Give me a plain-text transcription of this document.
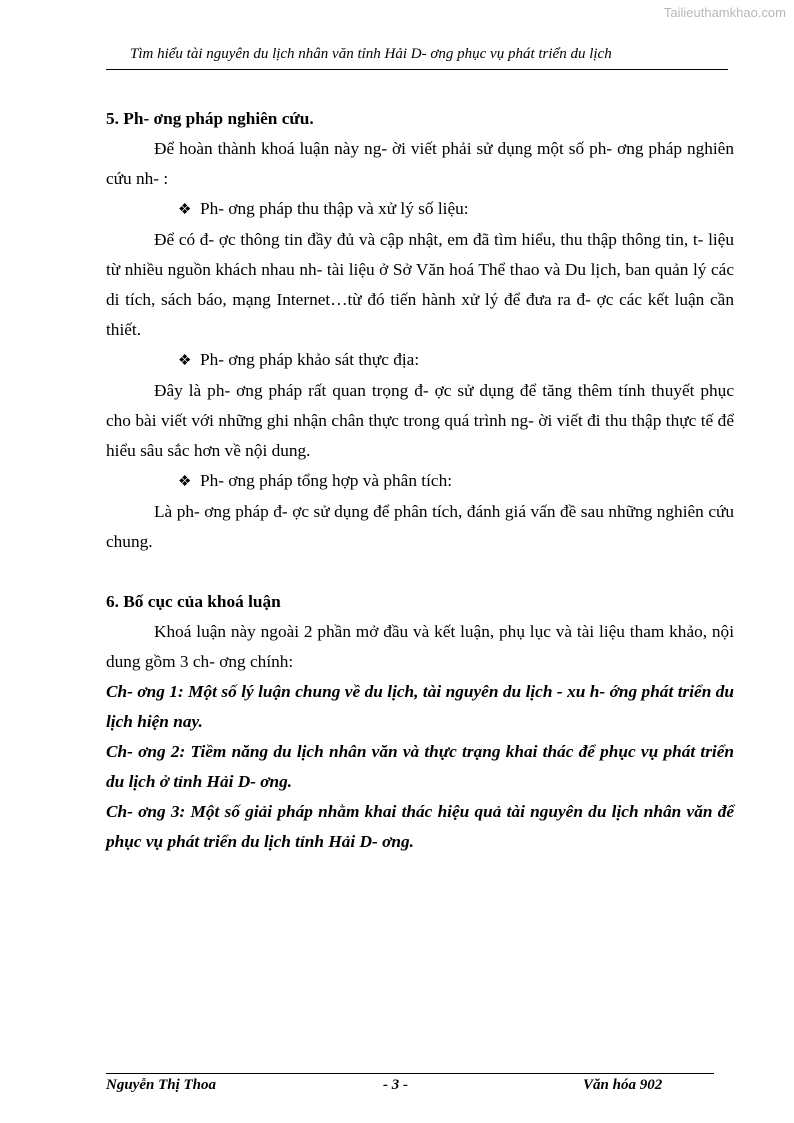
Tailieuthamkhao.com
Tìm hiểu tài nguyên du lịch nhân văn tỉnh Hải D- ơng phục vụ phát triển du lịch

5. Ph- ơng pháp nghiên cứu.

Để hoàn thành khoá luận này ng- ời viết phải sử dụng một số ph- ơng pháp nghiên cứu nh- :

❖ Ph- ơng pháp thu thập và xử lý số liệu:

Để có đ- ợc thông tin đầy đủ và cập nhật, em đã tìm hiểu, thu thập thông tin, t- liệu từ nhiều nguồn khách nhau nh- tài liệu ở Sở Văn hoá Thể thao và Du lịch, ban quản lý các di tích, sách báo, mạng Internet…từ đó tiến hành xử lý để đưa ra đ- ợc các kết luận cần thiết.

❖ Ph- ơng pháp khảo sát thực địa:

Đây là ph- ơng pháp rất quan trọng đ- ợc sử dụng để tăng thêm tính thuyết phục cho bài viết với những ghi nhận chân thực trong quá trình ng- ời viết đi thu thập thực tế để hiểu sâu sắc hơn về nội dung.

❖ Ph- ơng pháp tổng hợp và phân tích:

Là ph- ơng pháp đ- ợc sử dụng để phân tích, đánh giá vấn đề sau những nghiên cứu chung.

6. Bố cục của khoá luận

Khoá luận này ngoài 2 phần mở đầu và kết luận, phụ lục và tài liệu tham khảo, nội dung gồm 3 ch- ơng chính:

Ch- ơng 1: Một số lý luận chung về du lịch, tài nguyên du lịch - xu h- ớng phát triển du lịch hiện nay.

Ch- ơng 2: Tiềm năng du lịch nhân văn và thực trạng khai thác để phục vụ phát triển du lịch ở tỉnh Hải D- ơng.

Ch- ơng 3: Một số giải pháp nhằm khai thác hiệu quả tài nguyên du lịch nhân văn để phục vụ phát triển du lịch tỉnh Hải D- ơng.

Nguyễn Thị Thoa	- 3 -	Văn hóa 902
